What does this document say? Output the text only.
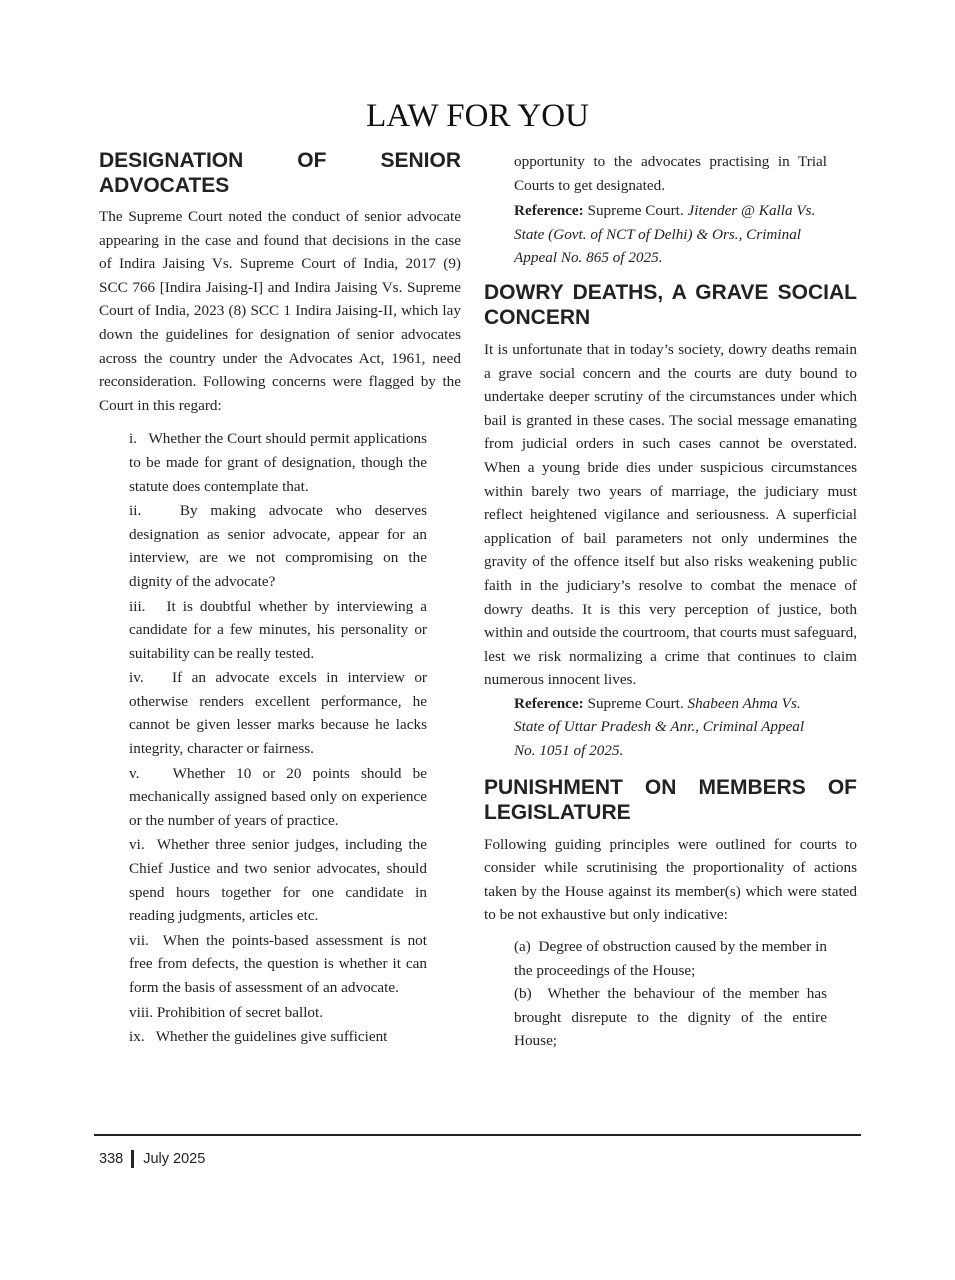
LAW FOR YOU
DESIGNATION OF SENIOR
ADVOCATES

The Supreme Court noted the conduct of senior advocate appearing in the case and found that decisions in the case of Indira Jaising Vs. Supreme Court of India, 2017 (9) SCC 766 [Indira Jaising-I] and Indira Jaising Vs. Supreme Court of India, 2023 (8) SCC 1 Indira Jaising-II, which lay down the guidelines for designation of senior advocates across the country under the Advocates Act, 1961, need reconsideration. Following concerns were flagged by the Court in this regard:

i.   Whether the Court should permit applications to be made for grant of designation, though the statute does contemplate that.

ii.   By making advocate who deserves designation as senior advocate, appear for an interview, are we not compromising on the dignity of the advocate?

iii.   It is doubtful whether by interviewing a candidate for a few minutes, his personality or suitability can be really tested.

iv.   If an advocate excels in interview or otherwise renders excellent performance, he cannot be given lesser marks because he lacks integrity, character or fairness.

v.   Whether 10 or 20 points should be mechanically assigned based only on experience or the number of years of practice.

vi.  Whether three senior judges, including the Chief Justice and two senior advocates, should spend hours together for one candidate in reading judgments, articles etc.

vii.  When the points-based assessment is not free from defects, the question is whether it can form the basis of assessment of an advocate.

viii. Prohibition of secret ballot.

ix.   Whether the guidelines give sufficient

opportunity to the advocates practising in Trial Courts to get designated.

Reference: Supreme Court. Jitender @ Kalla Vs. State (Govt. of NCT of Delhi) & Ors., Criminal Appeal No. 865 of 2025.

DOWRY DEATHS, A GRAVE SOCIAL CONCERN

It is unfortunate that in today’s society, dowry deaths remain a grave social concern and the courts are duty bound to undertake deeper scrutiny of the circumstances under which bail is granted in these cases. The social message emanating from judicial orders in such cases cannot be overstated. When a young bride dies under suspicious circumstances within barely two years of marriage, the judiciary must reflect heightened vigilance and seriousness. A superficial application of bail parameters not only undermines the gravity of the offence itself but also risks weakening public faith in the judiciary’s resolve to combat the menace of dowry deaths. It is this very perception of justice, both within and outside the courtroom, that courts must safeguard, lest we risk normalizing a crime that continues to claim numerous innocent lives.

Reference: Supreme Court. Shabeen Ahma Vs. State of Uttar Pradesh & Anr., Criminal Appeal No. 1051 of 2025.

PUNISHMENT ON MEMBERS OF LEGISLATURE

Following guiding principles were outlined for courts to consider while scrutinising the proportionality of actions taken by the House against its member(s) which were stated to be not exhaustive but only indicative:

(a)  Degree of obstruction caused by the member in the proceedings of the House;

(b)  Whether the behaviour of the member has brought disrepute to the dignity of the entire House;

338 July 2025
